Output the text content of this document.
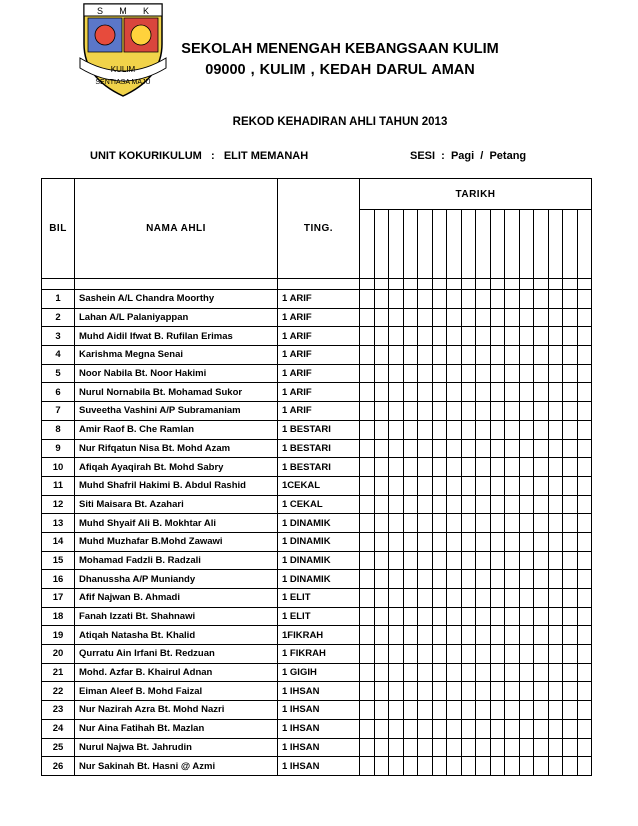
S M K
KULIM
SENTIASA MAJU
SEKOLAH MENENGAH KEBANGSAAN KULIM
09000 , KULIM , KEDAH DARUL AMAN
REKOD KEHADIRAN AHLI TAHUN 2013
UNIT KOKURIKULUM   :   ELIT MEMANAH	SESI  :  Pagi  /  Petang
BIL	NAMA AHLI	TING.	TARIKH															

1	Sashein A/L Chandra Moorthy	1 ARIF																
2	Lahan A/L Palaniyappan	1 ARIF																
3	Muhd Aidil Ifwat B. Rufilan Erimas	1 ARIF																
4	Karishma Megna Senai	1 ARIF																
5	Noor Nabila Bt. Noor Hakimi	1 ARIF																
6	Nurul Nornabila Bt. Mohamad Sukor	1 ARIF																
7	Suveetha Vashini A/P Subramaniam	1 ARIF																
8	Amir Raof B. Che Ramlan	1 BESTARI																
9	Nur Rifqatun Nisa Bt. Mohd Azam	1 BESTARI																
10	Afiqah Ayaqirah Bt. Mohd Sabry	1 BESTARI																
11	Muhd Shafril Hakimi B. Abdul Rashid	1CEKAL																
12	Siti Maisara Bt. Azahari	1 CEKAL																
13	Muhd Shyaif Ali B. Mokhtar Ali	1 DINAMIK																
14	Muhd Muzhafar B.Mohd Zawawi	1 DINAMIK																
15	Mohamad Fadzli B. Radzali	1 DINAMIK																
16	Dhanussha A/P Muniandy	1 DINAMIK																
17	Afif Najwan B. Ahmadi	1 ELIT																
18	Fanah Izzati Bt. Shahnawi	1 ELIT																
19	Atiqah Natasha Bt. Khalid	1FIKRAH																
20	Qurratu Ain Irfani Bt. Redzuan	1 FIKRAH																
21	Mohd. Azfar B. Khairul Adnan	1 GIGIH																
22	Eiman Aleef B. Mohd Faizal	1 IHSAN																
23	Nur Nazirah Azra Bt. Mohd Nazri	1 IHSAN																
24	Nur Aina Fatihah Bt. Mazlan	1 IHSAN																
25	Nurul Najwa Bt. Jahrudin	1 IHSAN																
26	Nur Sakinah Bt. Hasni @ Azmi	1 IHSAN																
